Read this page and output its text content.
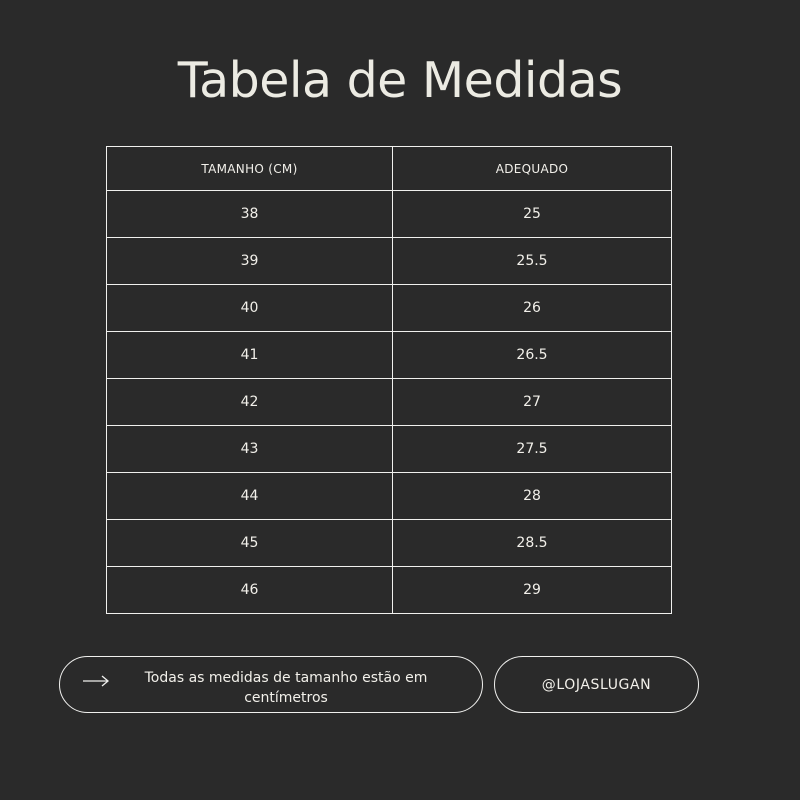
Tabela de Medidas
TAMANHO (CM)	ADEQUADO
38	25
39	25.5
40	26
41	26.5
42	27
43	27.5
44	28
45	28.5
46	29
Todas as medidas de tamanho estão em centímetros
@LOJASLUGAN
